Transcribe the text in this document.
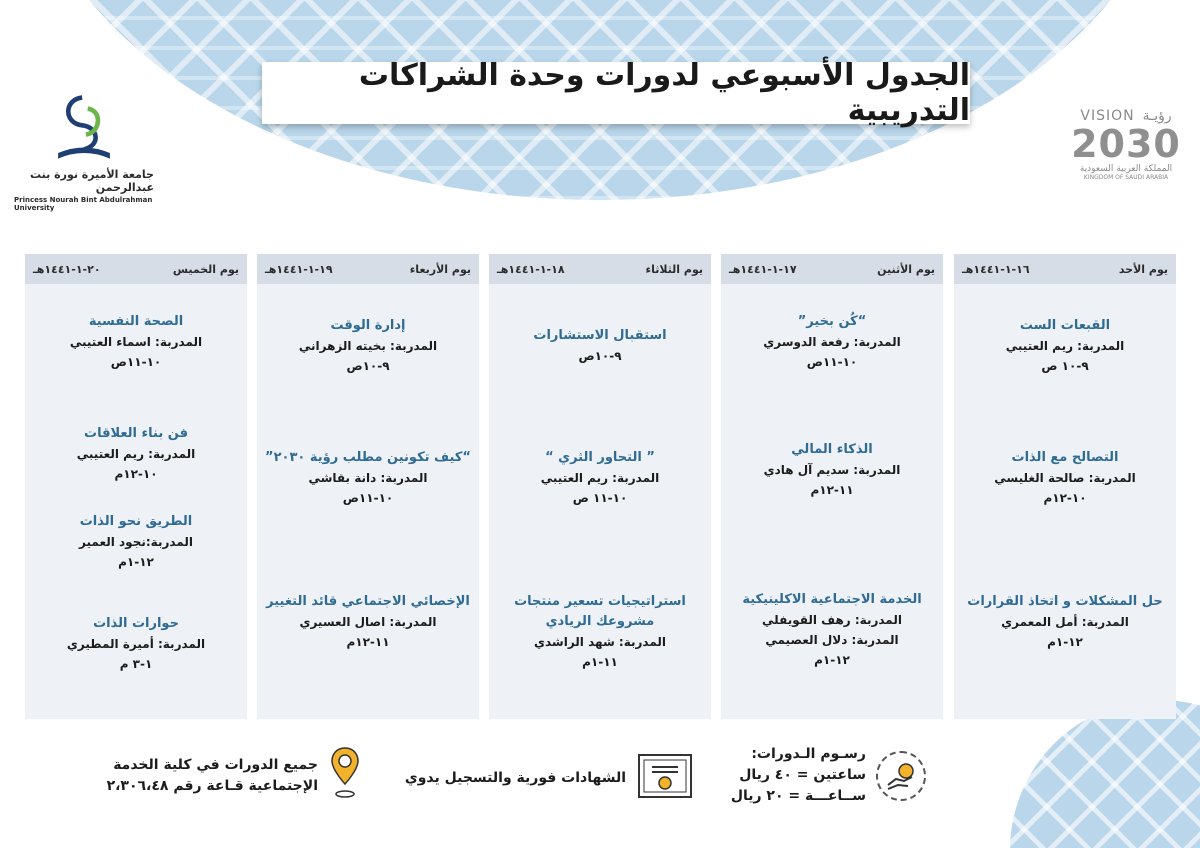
الجدول الأسبوعي لدورات وحدة الشراكات التدريبية
جامعة الأميرة نورة بنت عبدالرحمن
Princess Nourah Bint Abdulrahman University
VISION رؤيـة
2030
المملكة العربية السعودية
KINGDOM OF SAUDI ARABIA
يوم الأحد
١٦-١-١٤٤١هـ
القبعات الست
المدربة: ريم العتيبي
٩-١٠ ص
التصالح مع الذات
المدربة: صالحة الغليسي
١٠-١٢م
حل المشكلات و اتخاذ القرارات
المدربة: أمل المعمري
١٢-١م
يوم الأثنين
١٧-١-١٤٤١هـ
“كُن بخير”
المدربة: رفعة الدوسري
١٠-١١ص
الذكاء المالي
المدربة: سديم آل هادي
١١-١٢م
الخدمة الاجتماعية الاكلينيكية
المدربة: رهف القويفلي
المدربة: دلال العصيمي
١٢-١م
يوم الثلاثاء
١٨-١-١٤٤١هـ
استقبال الاستشارات
٩-١٠ص
” التحاور الثري “
المدربة: ريم العتيبي
١٠-١١ ص
استراتيجيات تسعير منتجات
مشروعك الريادي
المدربة: شهد الراشدي
١١-١م
يوم الأربعاء
١٩-١-١٤٤١هـ
إدارة الوقت
المدربة: بخيته الزهراني
٩-١٠ص
“كيف تكونين مطلب رؤية ٢٠٣٠”
المدربة: دانة بقاشي
١٠-١١ص
الإخصائي الاجتماعي قائد التغيير
المدربة: اصال العسيري
١١-١٢م
يوم الخميس
٢٠-١-١٤٤١هـ
الصحة النفسية
المدربة: اسماء العتيبي
١٠-١١ص
فن بناء العلاقات
المدربة: ريم العتيبي
١٠-١٢م
الطريق نحو الذات
المدربة:نجود العمير
١٢-١م
حوارات الذات
المدربة: أميرة المطيري
١-٣ م
رسـوم الـدورات:
ساعتين = ٤٠ ريال
ســاعـــة = ٢٠ ريال
الشهادات فورية والتسجيل يدوي
جميع الدورات في كلية الخدمة
الإجتماعية قـاعة رقم ٢،٣٠٦،٤٨
